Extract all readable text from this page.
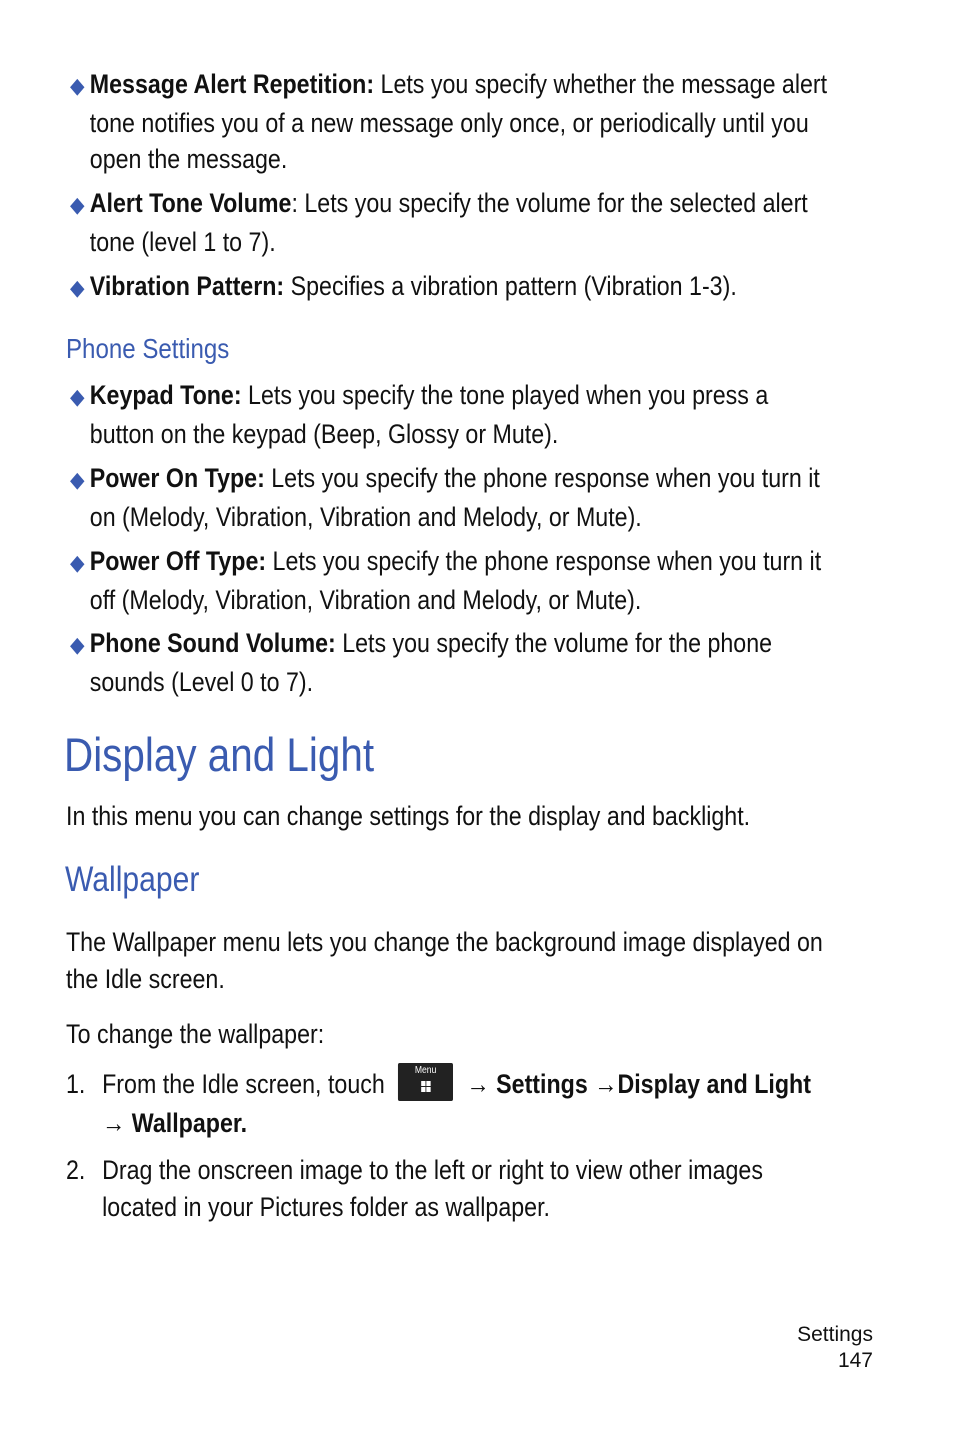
◆ Message Alert Repetition: Lets you specify whether the message alert
tone notifies you of a new message only once, or periodically until you
open the message.
◆ Alert Tone Volume: Lets you specify the volume for the selected alert
tone (level 1 to 7).
◆ Vibration Pattern: Specifies a vibration pattern (Vibration 1-3).
Phone Settings
◆ Keypad Tone: Lets you specify the tone played when you press a
button on the keypad (Beep, Glossy or Mute).
◆ Power On Type: Lets you specify the phone response when you turn it
on (Melody, Vibration, Vibration and Melody, or Mute).
◆ Power Off Type: Lets you specify the phone response when you turn it
off (Melody, Vibration, Vibration and Melody, or Mute).
◆ Phone Sound Volume: Lets you specify the volume for the phone
sounds (Level 0 to 7).
Display and Light
In this menu you can change settings for the display and backlight.
Wallpaper
The Wallpaper menu lets you change the background image displayed on
the Idle screen.
To change the wallpaper:
1. From the Idle screen, touch	Menu	→ Settings →Display and Light
→ Wallpaper.
2. Drag the onscreen image to the left or right to view other images
located in your Pictures folder as wallpaper.
Settings
147
